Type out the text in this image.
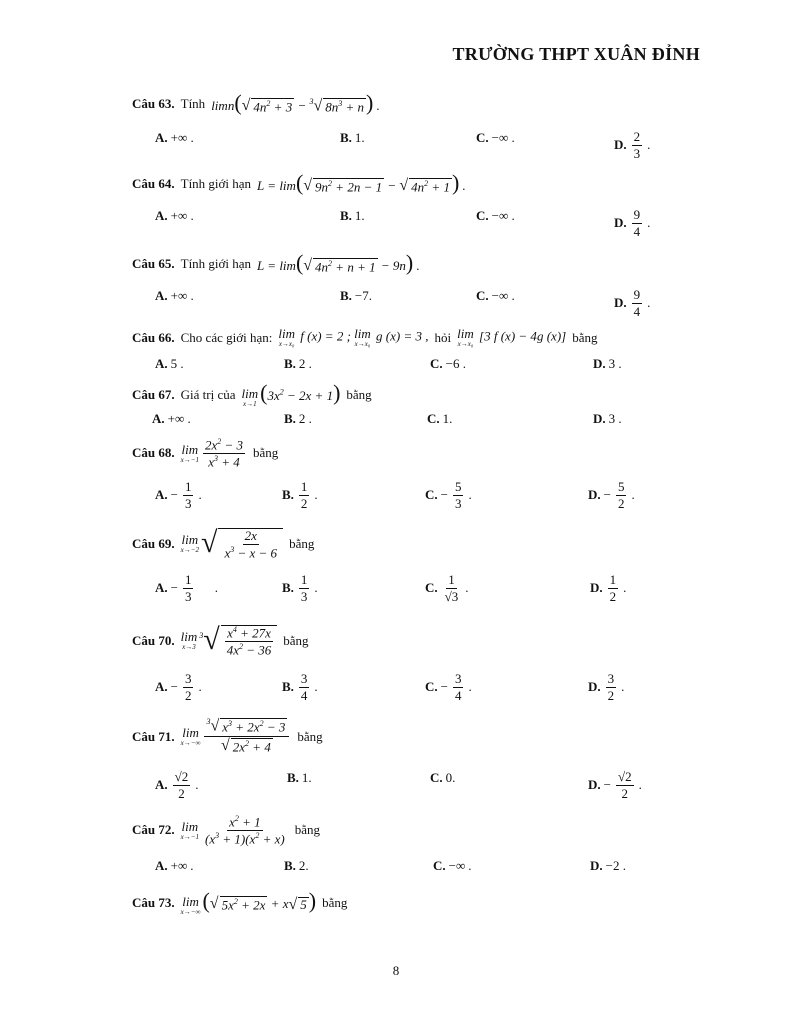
TRƯỜNG THPT XUÂN ĐỈNH
Câu 63. Tính limn( √ $4n^2 + 3 - ^3√$ $8n^3 + n$ ) .
A. +∞ .	B. 1.	C. −∞ .	D. $\frac{2}{3}$ .
Câu 64. Tính giới hạn L = lim( √ $9n^2 + 2n - 1$ − √ $4n^2 + 1$ ) .
A. +∞ .	B. 1.	C. −∞ .	D. $\frac{9}{4}$ .
Câu 65. Tính giới hạn L = lim( √ $4n^2 + n + 1 - 9n$) .
A. +∞ .	B. −7.	C. −∞ .	D. $\frac{9}{4}$ .
Câu 66. Cho các giới hạn: lim
x→x₀
f (x) = 2 ; lim
x→x₀
g (x) = 3 , hỏi lim
x→x₀
[3 f (x) − 4g (x)] bằng
A. 5 .	B. 2 .	C. −6 .	D. 3 .
Câu 67. Giá trị của lim
x→1 $(3x^2 - 2x + 1)$ bằng
A. +∞ .	B. 2 .	C. 1.	D. 3 .
Câu 68. lim
$x\to-1 \frac{2x^2 - 3}{x^3 + 4}$ bằng
A. − $\frac{1}{3}$ .	B. $\frac{1}{2}$ .	C. − $\frac{5}{3}$ .	D. − $\frac{5}{2}$ .
Câu 69. lim
x→−2 √ $\frac{2x}{x^3 - x - 6}$ bằng
A. − $\frac{1}{3}$ .	B. $\frac{1}{3}$ .	C. $\frac{1}{√3}$ .	D. $\frac{1}{2}$ .
Câu 70. lim
x→3
$^3√ \frac{x^4 + 27x}{4x^2 - 36}$ bằng
A. − $\frac{3}{2}$ .	B. $\frac{3}{4}$ .	C. − $\frac{3}{4}$ .	D. $\frac{3}{2}$ .
Câu 71. lim
$x\to-\infty \frac{^3√ x^3 + 2x^2 - 3}{√ 2x^2 + 4}$ bằng
A. $\frac{√2}{2}$ .	B. 1.	C. 0.	D. − $\frac{√2}{2}$ .
Câu 72. lim
$x\to-1 \frac{x^2 + 1}{(x^3 + 1)(x^2 + x)}$ bằng
A. +∞ .	B. 2.	C. −∞ .	D. −2 .
Câu 73. lim
x→−∞ ( √ $5x^2 + 2x + x$ √ 5 ) bằng
8
